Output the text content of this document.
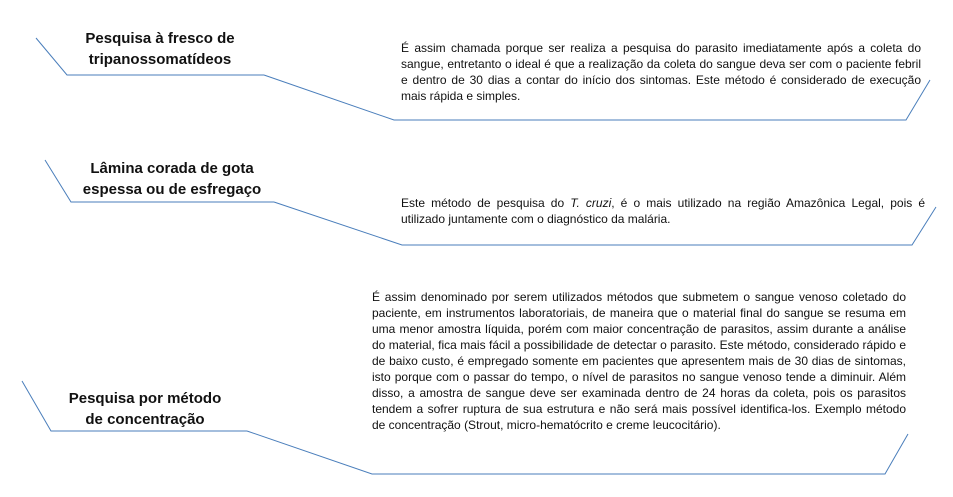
Pesquisa à fresco de
tripanossomatídeos
É assim chamada porque ser realiza a pesquisa do parasito imediatamente após a coleta do sangue, entretanto o ideal é que a realização da coleta do sangue deva ser com o paciente febril e dentro de 30 dias a contar do início dos sintomas. Este método é considerado de execução mais rápida e simples.
Lâmina corada de gota
espessa ou de esfregaço
Este método de pesquisa do T. cruzi, é o mais utilizado na região Amazônica Legal, pois é utilizado juntamente com o diagnóstico da malária.
Pesquisa por método
de concentração
É assim denominado por serem utilizados métodos que submetem o sangue venoso coletado do paciente, em instrumentos laboratoriais, de maneira que o material final do sangue se resuma em uma menor amostra líquida, porém com maior concentração de parasitos, assim durante a análise do material, fica mais fácil a possibilidade de detectar o parasito. Este método, considerado rápido e de baixo custo, é empregado somente em pacientes que apresentem mais de 30 dias de sintomas, isto porque com o passar do tempo, o nível de parasitos no sangue venoso tende a diminuir. Além disso, a amostra de sangue deve ser examinada dentro de 24 horas da coleta, pois os parasitos tendem a sofrer ruptura de sua estrutura e não será mais possível identifica-los. Exemplo método de concentração (Strout, micro-hematócrito e creme leucocitário).
